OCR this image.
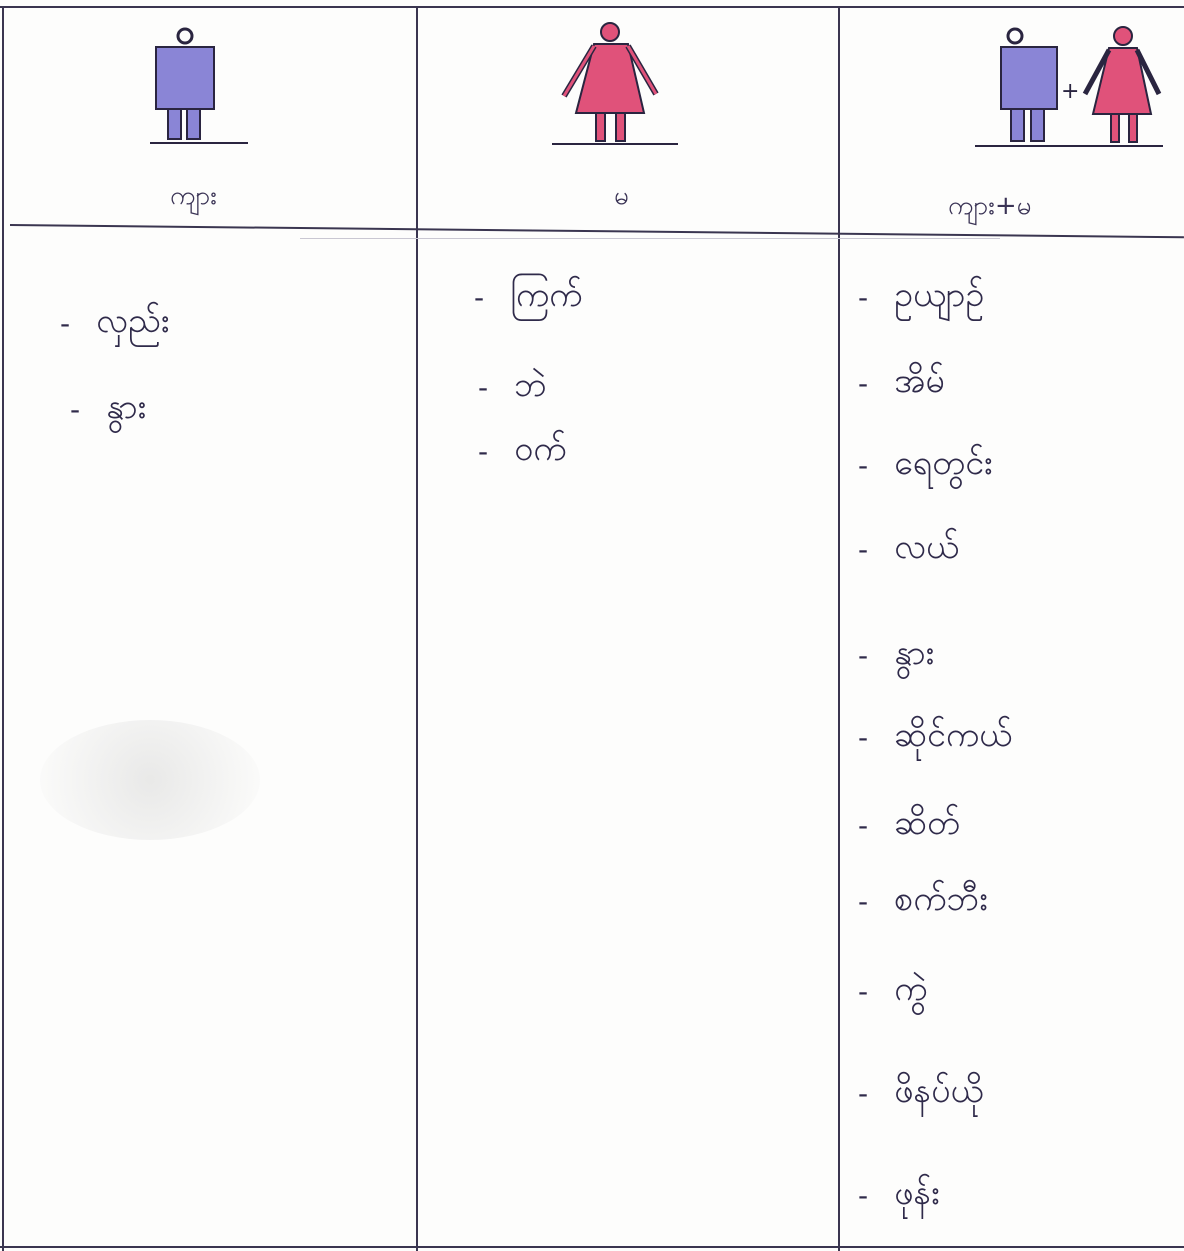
ကျား	မ
+
ကျား+မ
- လှည်း
- နွား
- ကြက်
- ဘဲ
- ဝက်
- ဥယျာဉ်
- အိမ်
- ရေတွင်း
- လယ်
- နွား
- ဆိုင်ကယ်
- ဆိတ်
- စက်ဘီး
- ကွဲ
- ဖိနပ်ယို
- ဖုန်း
